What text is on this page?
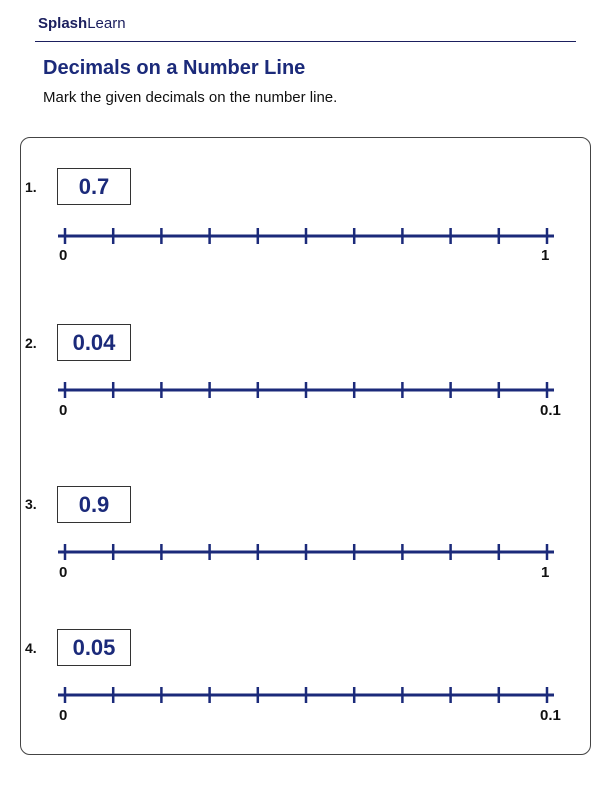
SplashLearn
Decimals on a Number Line
Mark the given decimals on the number line.
1.	0.7
0	1
2.	0.04
0	0.1
3.	0.9
0	1
4.	0.05
0	0.1
